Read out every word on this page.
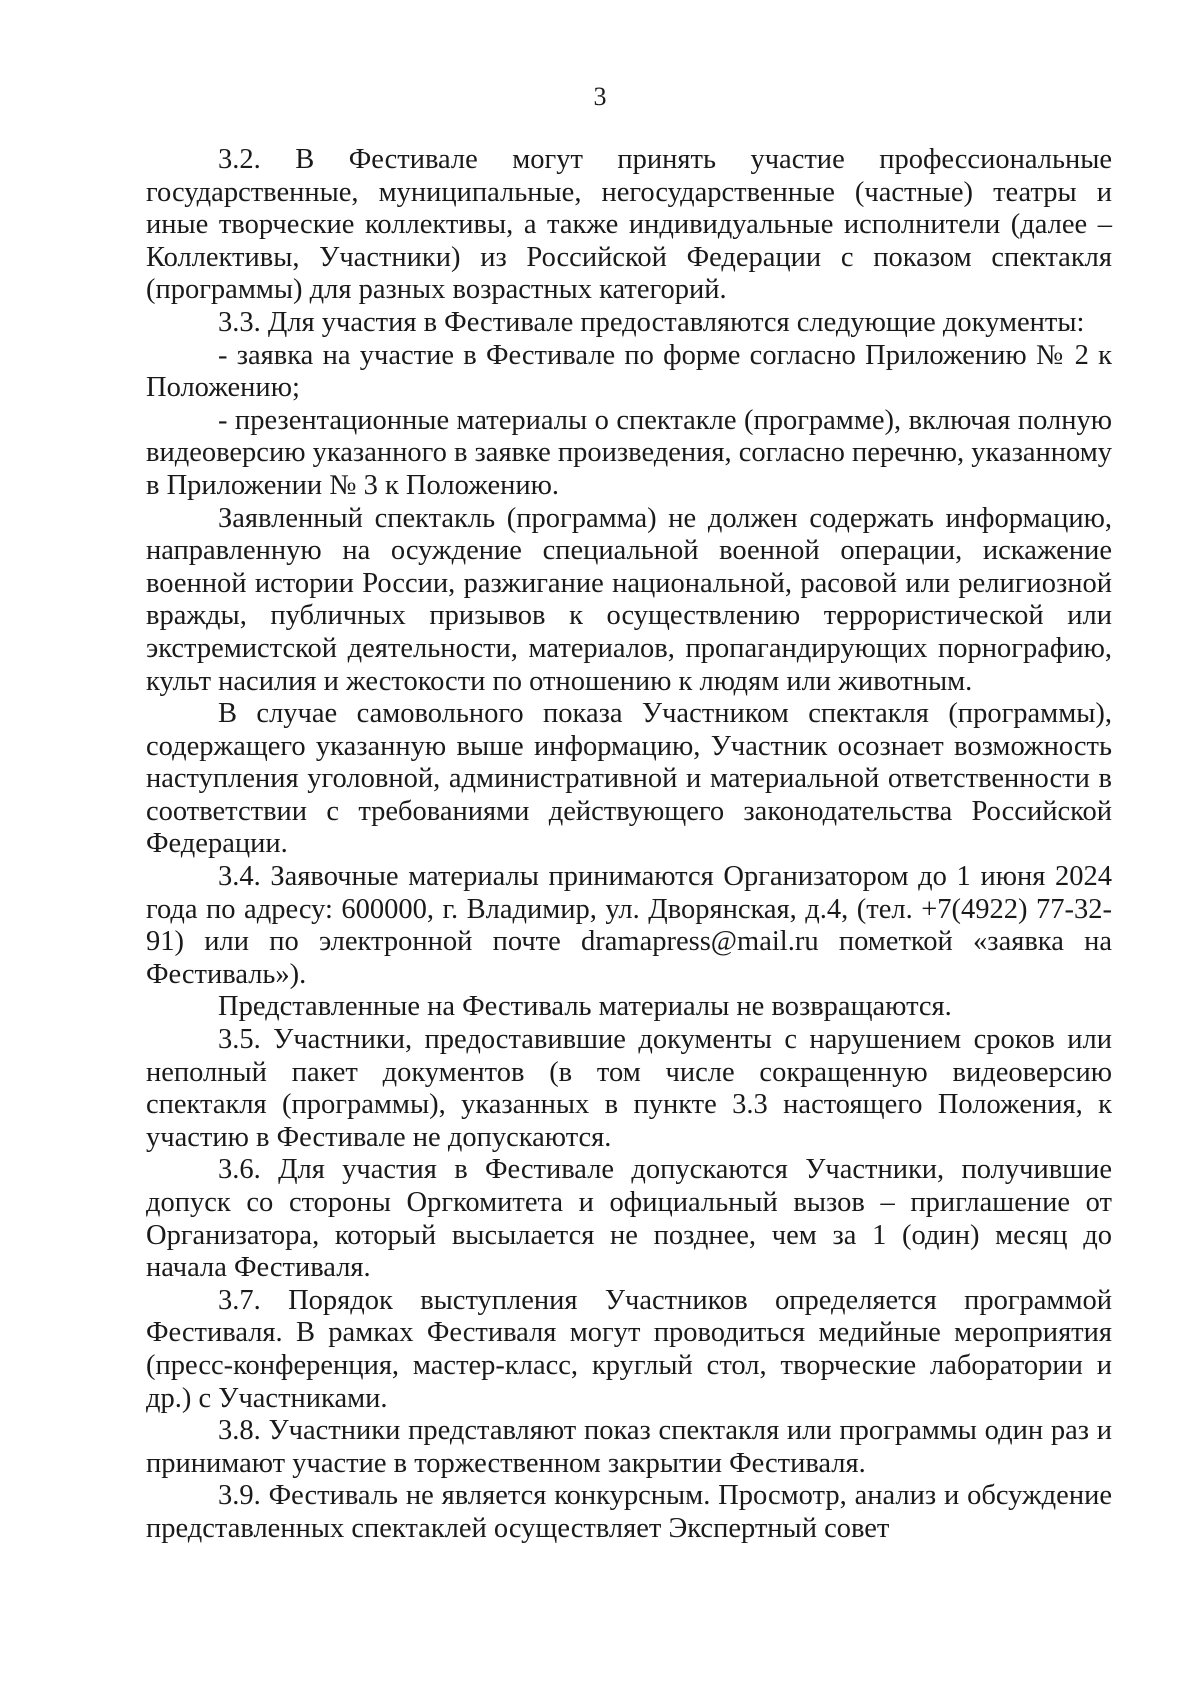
3

3.2. В Фестивале могут принять участие профессиональные государственные, муниципальные, негосударственные (частные) театры и иные творческие коллективы, а также индивидуальные исполнители (далее – Коллективы, Участники) из Российской Федерации с показом спектакля (программы) для разных возрастных категорий.

3.3. Для участия в Фестивале предоставляются следующие документы:

- заявка на участие в Фестивале по форме согласно Приложению № 2 к Положению;

- презентационные материалы о спектакле (программе), включая полную видеоверсию указанного в заявке произведения, согласно перечню, указанному в Приложении № 3 к Положению.

Заявленный спектакль (программа) не должен содержать информацию, направленную на осуждение специальной военной операции, искажение военной истории России, разжигание национальной, расовой или религиозной вражды, публичных призывов к осуществлению террористической или экстремистской деятельности, материалов, пропагандирующих порнографию, культ насилия и жестокости по отношению к людям или животным.

В случае самовольного показа Участником спектакля (программы), содержащего указанную выше информацию, Участник осознает возможность наступления уголовной, административной и материальной ответственности в соответствии с требованиями действующего законодательства Российской Федерации.

3.4. Заявочные материалы принимаются Организатором до 1 июня 2024 года по адресу: 600000, г. Владимир, ул. Дворянская, д.4, (тел. +7(4922) 77-32-91) или по электронной почте dramapress@mail.ru пометкой «заявка на Фестиваль»).

Представленные на Фестиваль материалы не возвращаются.

3.5. Участники, предоставившие документы с нарушением сроков или неполный пакет документов (в том числе сокращенную видеоверсию спектакля (программы), указанных в пункте 3.3 настоящего Положения, к участию в Фестивале не допускаются.

3.6. Для участия в Фестивале допускаются Участники, получившие допуск со стороны Оргкомитета и официальный вызов – приглашение от Организатора, который высылается не позднее, чем за 1 (один) месяц до начала Фестиваля.

3.7. Порядок выступления Участников определяется программой Фестиваля. В рамках Фестиваля могут проводиться медийные мероприятия (пресс-конференция, мастер-класс, круглый стол, творческие лаборатории и др.) с Участниками.

3.8. Участники представляют показ спектакля или программы один раз и принимают участие в торжественном закрытии Фестиваля.

3.9. Фестиваль не является конкурсным. Просмотр, анализ и обсуждение представленных спектаклей осуществляет Экспертный совет
